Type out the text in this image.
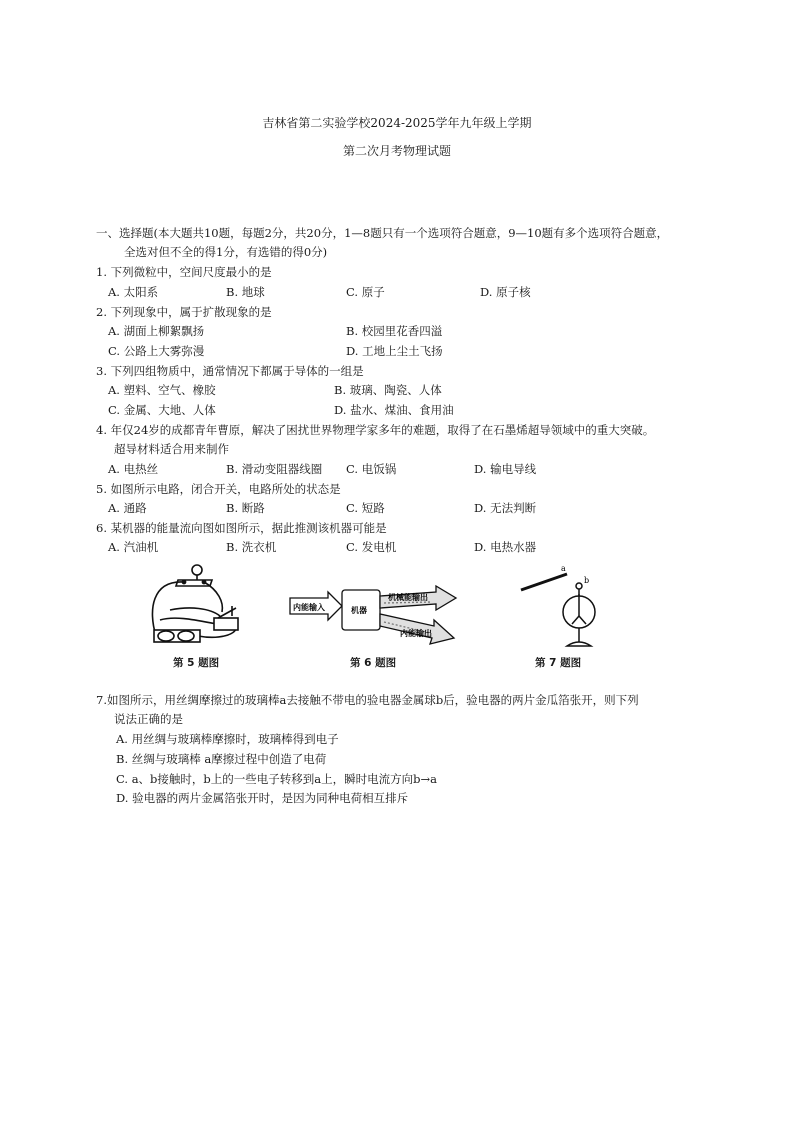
吉林省第二实验学校2024-2025学年九年级上学期
第二次月考物理试题
一、选择题(本大题共10题，每题2分，共20分，1—8题只有一个选项符合题意，9—10题有多个选项符合题意，
全选对但不全的得1分，有选错的得0分)
1. 下列微粒中，空间尺度最小的是
A. 太阳系	B. 地球	C. 原子	D. 原子核
2. 下列现象中，属于扩散现象的是
A. 湖面上柳絮飘扬	B. 校园里花香四溢
C. 公路上大雾弥漫	D. 工地上尘土飞扬
3. 下列四组物质中，通常情况下都属于导体的一组是
A. 塑料、空气、橡胶	B. 玻璃、陶瓷、人体
C. 金属、大地、人体	D. 盐水、煤油、食用油
4. 年仅24岁的成都青年曹原，解决了困扰世界物理学家多年的难题，取得了在石墨烯超导领域中的重大突破。
超导材料适合用来制作
A. 电热丝	B. 滑动变阻器线圈 C. 电饭锅	D. 输电导线
5. 如图所示电路，闭合开关，电路所处的状态是
A. 通路	B. 断路	C. 短路	D. 无法判断
6. 某机器的能量流向图如图所示，据此推测该机器可能是
A. 汽油机	B. 洗衣机	C. 发电机	D. 电热水器
第 5 题图
内能输入	机器
机械能输出
内能输出
第 6 题图
a
b
第 7 题图
7.如图所示，用丝绸摩擦过的玻璃棒a去接触不带电的验电器金属球b后，验电器的两片金瓜箔张开，则下列
说法正确的是
A. 用丝绸与玻璃棒摩擦时，玻璃棒得到电子
B. 丝绸与玻璃棒 a摩擦过程中创造了电荷
C. a、b接触时，b上的一些电子转移到a上，瞬时电流方向b→a
D. 验电器的两片金属箔张开时，是因为同种电荷相互排斥
